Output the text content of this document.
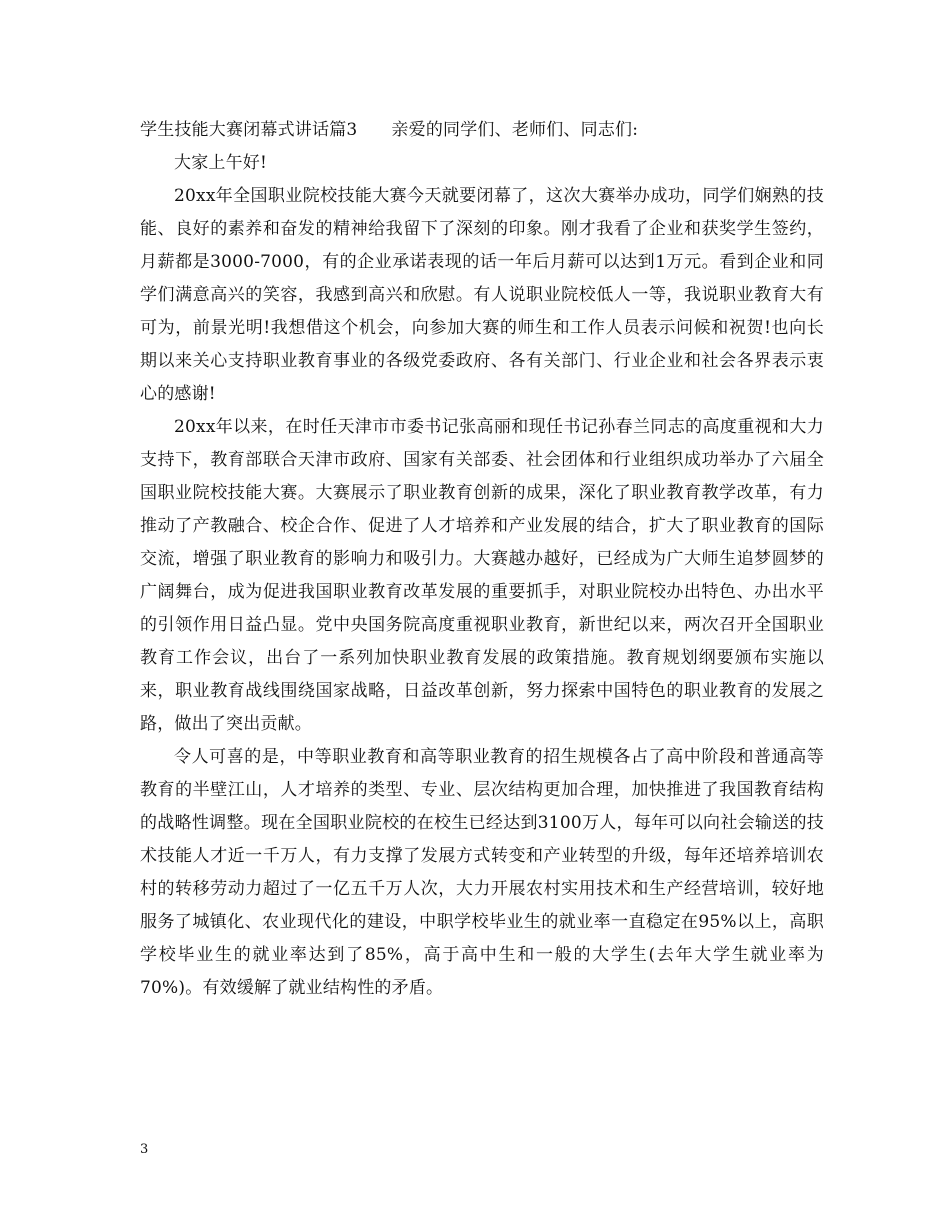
学生技能大赛闭幕式讲话篇3 亲爱的同学们、老师们、同志们:

大家上午好!

20xx年全国职业院校技能大赛今天就要闭幕了，这次大赛举办成功，同学们娴熟的技能、良好的素养和奋发的精神给我留下了深刻的印象。刚才我看了企业和获奖学生签约，月薪都是3000-7000，有的企业承诺表现的话一年后月薪可以达到1万元。看到企业和同学们满意高兴的笑容，我感到高兴和欣慰。有人说职业院校低人一等，我说职业教育大有可为，前景光明!我想借这个机会，向参加大赛的师生和工作人员表示问候和祝贺!也向长期以来关心支持职业教育事业的各级党委政府、各有关部门、行业企业和社会各界表示衷心的感谢!

20xx年以来，在时任天津市市委书记张高丽和现任书记孙春兰同志的高度重视和大力支持下，教育部联合天津市政府、国家有关部委、社会团体和行业组织成功举办了六届全国职业院校技能大赛。大赛展示了职业教育创新的成果，深化了职业教育教学改革，有力推动了产教融合、校企合作、促进了人才培养和产业发展的结合，扩大了职业教育的国际交流，增强了职业教育的影响力和吸引力。大赛越办越好，已经成为广大师生追梦圆梦的广阔舞台，成为促进我国职业教育改革发展的重要抓手，对职业院校办出特色、办出水平的引领作用日益凸显。党中央国务院高度重视职业教育，新世纪以来，两次召开全国职业教育工作会议，出台了一系列加快职业教育发展的政策措施。教育规划纲要颁布实施以来，职业教育战线围绕国家战略，日益改革创新，努力探索中国特色的职业教育的发展之路，做出了突出贡献。

令人可喜的是，中等职业教育和高等职业教育的招生规模各占了高中阶段和普通高等教育的半壁江山，人才培养的类型、专业、层次结构更加合理，加快推进了我国教育结构的战略性调整。现在全国职业院校的在校生已经达到3100万人，每年可以向社会输送的技术技能人才近一千万人，有力支撑了发展方式转变和产业转型的升级，每年还培养培训农村的转移劳动力超过了一亿五千万人次，大力开展农村实用技术和生产经营培训，较好地服务了城镇化、农业现代化的建设，中职学校毕业生的就业率一直稳定在95%以上，高职学校毕业生的就业率达到了85%，高于高中生和一般的大学生(去年大学生就业率为70%)。有效缓解了就业结构性的矛盾。

3
